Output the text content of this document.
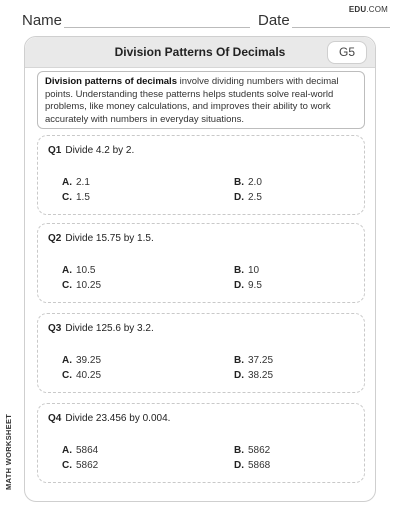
Name	Date
EDU.COM
Division Patterns Of Decimals	G5
Division patterns of decimals involve dividing numbers with decimal points. Understanding these patterns helps students solve real-world problems, like money calculations, and improves their ability to work accurately with numbers in everyday situations.
Q1 Divide 4.2 by 2.
A. 2.1	B. 2.0
C. 1.5	D. 2.5
Q2 Divide 15.75 by 1.5.
A. 10.5	B. 10
C. 10.25	D. 9.5
Q3 Divide 125.6 by 3.2.
A. 39.25	B. 37.25
C. 40.25	D. 38.25
Q4 Divide 23.456 by 0.004.
A. 5864	B. 5862
C. 5862	D. 5868
MATH WORKSHEET
